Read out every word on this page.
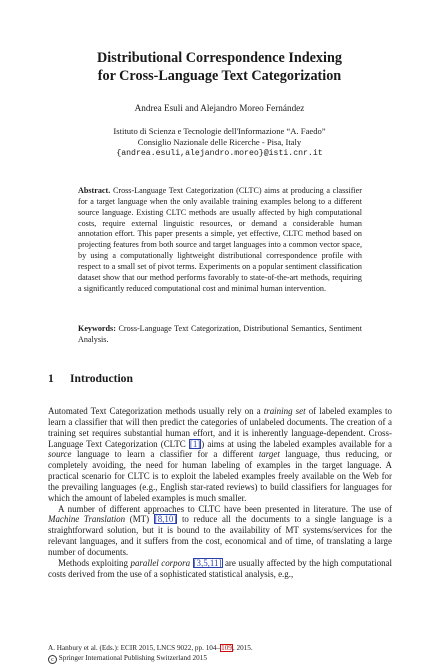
Distributional Correspondence Indexing
for Cross-Language Text Categorization
Andrea Esuli and Alejandro Moreo Fernández
Istituto di Scienza e Tecnologie dell'Informazione “A. Faedo”
Consiglio Nazionale delle Ricerche - Pisa, Italy
{andrea.esuli,alejandro.moreo}@isti.cnr.it

Abstract. Cross-Language Text Categorization (CLTC) aims at producing a classifier for a target language when the only available training examples belong to a different source language. Existing CLTC methods are usually affected by high computational costs, require external linguistic resources, or demand a considerable human annotation effort. This paper presents a simple, yet effective, CLTC method based on projecting features from both source and target languages into a common vector space, by using a computationally lightweight distributional correspondence profile with respect to a small set of pivot terms. Experiments on a popular sentiment classification dataset show that our method performs favorably to state-of-the-art methods, requiring a significantly reduced computational cost and minimal human intervention.

Keywords: Cross-Language Text Categorization, Distributional Semantics, Sentiment Analysis.

1 Introduction

Automated Text Categorization methods usually rely on a training set of labeled examples to learn a classifier that will then predict the categories of unlabeled documents. The creation of a training set requires substantial human effort, and it is inherently language-dependent. Cross-Language Text Categorization (CLTC [1]) aims at using the labeled examples available for a source language to learn a classifier for a different target language, thus reducing, or completely avoiding, the need for human labeling of examples in the target language. A practical scenario for CLTC is to exploit the labeled examples freely available on the Web for the prevailing languages (e.g., English star-rated reviews) to build classifiers for languages for which the amount of labeled examples is much smaller.

A number of different approaches to CLTC have been presented in literature. The use of Machine Translation (MT) [8,10] to reduce all the documents to a single language is a straightforward solution, but it is bound to the availability of MT systems/services for the relevant languages, and it suffers from the cost, economical and of time, of translating a large number of documents.

Methods exploiting parallel corpora [3,5,11] are usually affected by the high computational costs derived from the use of a sophisticated statistical analysis, e.g.,

A. Hanbury et al. (Eds.): ECIR 2015, LNCS 9022, pp. 104–109, 2015.
c Springer International Publishing Switzerland 2015
